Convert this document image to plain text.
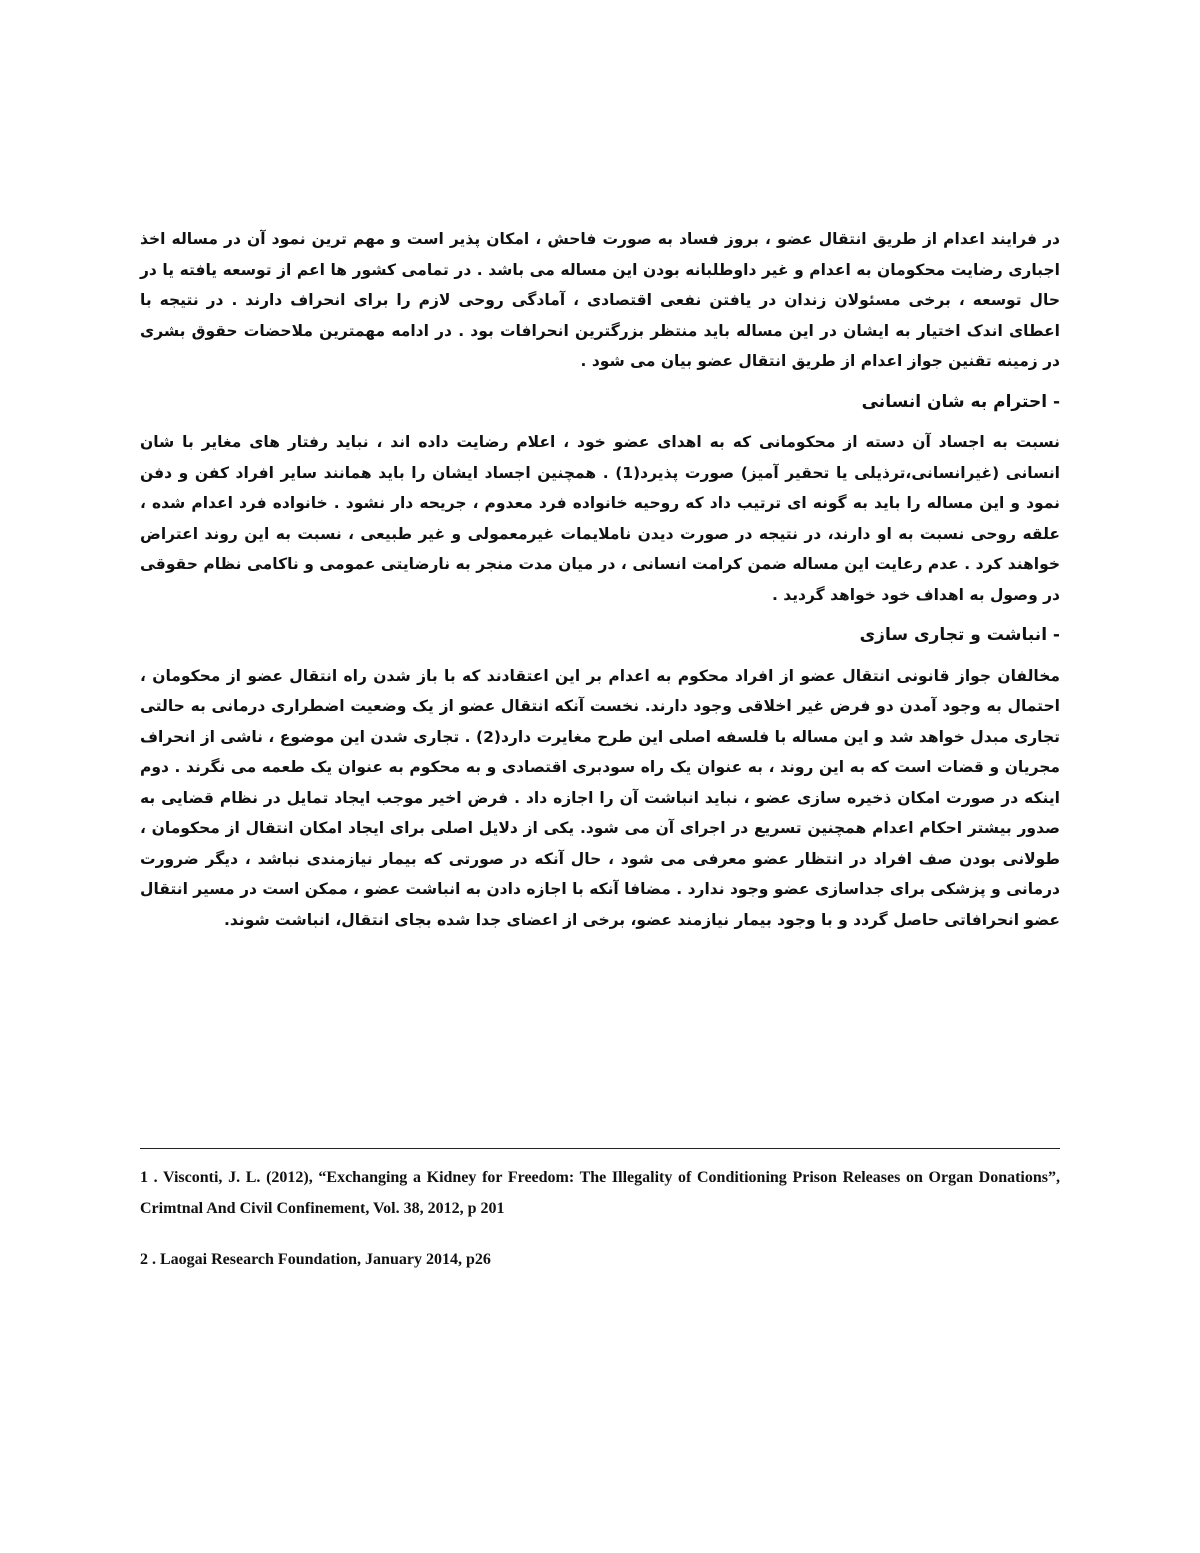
در فرایند اعدام از طریق انتقال عضو ، بروز فساد به صورت فاحش ، امکان پذیر است و مهم ترین نمود آن در مساله اخذ اجباری رضایت محکومان به اعدام و غیر داوطلبانه بودن این مساله می باشد . در تمامی کشور ها اعم از توسعه یافته یا در حال توسعه ، برخی مسئولان زندان در یافتن نفعی اقتصادی ، آمادگی روحی لازم را برای انحراف دارند . در نتیجه با اعطای اندک اختیار به ایشان در این مساله باید منتظر بزرگترین انحرافات بود . در ادامه مهمترین ملاحضات حقوق بشری در زمینه تقنین جواز اعدام از طریق انتقال عضو بیان می شود .

- احترام به شان انسانی

نسبت به اجساد آن دسته از محکومانی که به اهدای عضو خود ، اعلام رضایت داده اند ، نباید رفتار های مغایر با شان انسانی (غیرانسانی،ترذیلی یا تحقیر آمیز) صورت پذیرد(1) . همچنین اجساد ایشان را باید همانند سایر افراد کفن و دفن نمود و این مساله را باید به گونه ای ترتیب داد که روحیه خانواده فرد معدوم ، جریحه دار نشود . خانواده فرد اعدام شده ، علقه روحی نسبت به او دارند، در نتیجه در صورت دیدن ناملایمات غیرمعمولی و غیر طبیعی ، نسبت به این روند اعتراض خواهند کرد . عدم رعایت این مساله ضمن کرامت انسانی ، در میان مدت منجر به نارضایتی عمومی و ناکامی نظام حقوقی در وصول به اهداف خود خواهد گردید .

- انباشت و تجاری سازی

مخالفان جواز قانونی انتقال عضو از افراد محکوم به اعدام بر این اعتقادند که با باز شدن راه انتقال عضو از محکومان ، احتمال به وجود آمدن دو فرض غیر اخلاقی وجود دارند. نخست آنکه انتقال عضو از یک وضعیت اضطراری درمانی به حالتی تجاری مبدل خواهد شد و این مساله با فلسفه اصلی این طرح مغایرت دارد(2) . تجاری شدن این موضوع ، ناشی از انحراف مجریان و قضات است که به این روند ، به عنوان یک راه سودبری اقتصادی و به محکوم به عنوان یک طعمه می نگرند . دوم اینکه در صورت امکان ذخیره سازی عضو ، نباید انباشت آن را اجازه داد . فرض اخیر موجب ایجاد تمایل در نظام قضایی به صدور بیشتر احکام اعدام همچنین تسریع در اجرای آن می شود. یکی از دلایل اصلی برای ایجاد امکان انتقال از محکومان ، طولانی بودن صف افراد در انتظار عضو معرفی می شود ، حال آنکه در صورتی که بیمار نیازمندی نباشد ، دیگر ضرورت درمانی و پزشکی برای جداسازی عضو وجود ندارد . مضافا آنکه با اجازه دادن به انباشت عضو ، ممکن است در مسیر انتقال عضو انحرافاتی حاصل گردد و با وجود بیمار نیازمند عضو، برخی از اعضای جدا شده بجای انتقال، انباشت شوند.

1 . Visconti, J. L. (2012), “Exchanging a Kidney for Freedom: The Illegality of Conditioning Prison Releases on Organ Donations”, Crimtnal And Civil Confinement, Vol. 38, 2012, p 201

2 . Laogai Research Foundation, January 2014, p26
